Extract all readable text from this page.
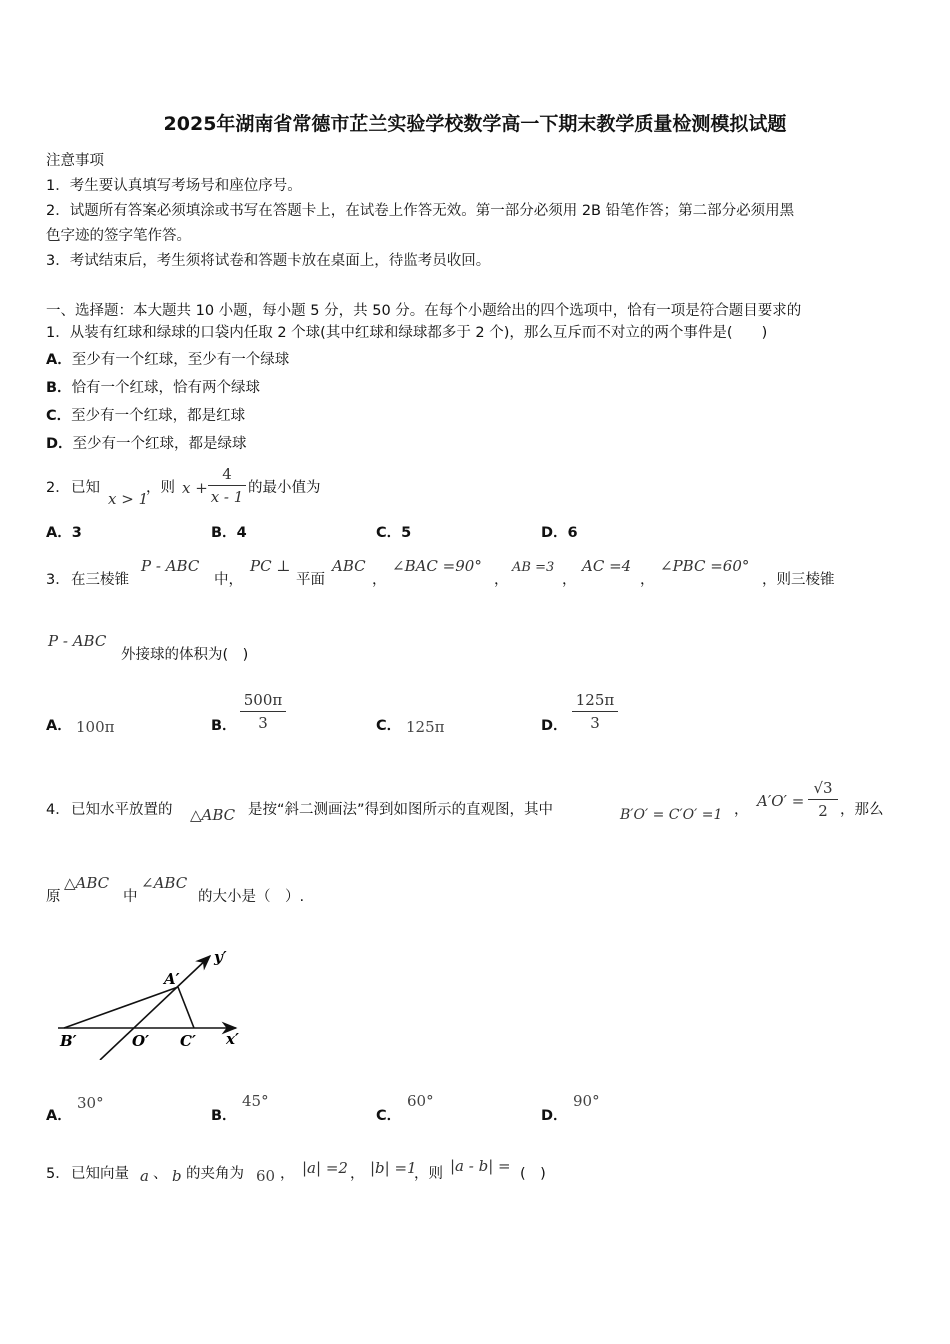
2025年湖南省常德市芷兰实验学校数学高一下期末教学质量检测模拟试题
注意事项
1．考生要认真填写考场号和座位序号。
2．试题所有答案必须填涂或书写在答题卡上，在试卷上作答无效。第一部分必须用 2B 铅笔作答；第二部分必须用黑
色字迹的签字笔作答。
3．考试结束后，考生须将试卷和答题卡放在桌面上，待监考员收回。
一、选择题：本大题共 10 小题，每小题 5 分，共 50 分。在每个小题给出的四个选项中，恰有一项是符合题目要求的
1．从装有红球和绿球的口袋内任取 2 个球(其中红球和绿球都多于 2 个)，那么互斥而不对立的两个事件是(　　)
A．至少有一个红球，至少有一个绿球
B．恰有一个红球，恰有两个绿球
C．至少有一个红球，都是红球
D．至少有一个红球，都是绿球
2． 已知
x > 1
，则 x +
4
x - 1 的最小值为
A．3	B．4	C．5	D．6
3． 在三棱锥
P - ABC
中，
PC ⊥
平面
ABC
，
∠BAC =90°
，
AB =3
，
AC =4
，
∠PBC =60°
，则三棱锥
P - ABC
外接球的体积为(　)
A． 100π	B．
500π
3	C． 125π	D．
125π
3
4． 已知水平放置的 △ABC 是按“斜二测画法”得到如图所示的直观图，其中	B′O′ = C′O′ =1 ， A′O′ =
√3
2 ，那么
原
△ABC
中
∠ABC
的大小是（　）.
y′
A′
B′	O′ C′ x′
A．
30°
B．
45°
C．
60°
D．
90°
5． 已知向量 a 、 b 的夹角为 60 ， |a| =2 ， |b| =1
，则 |a - b| = (　)
